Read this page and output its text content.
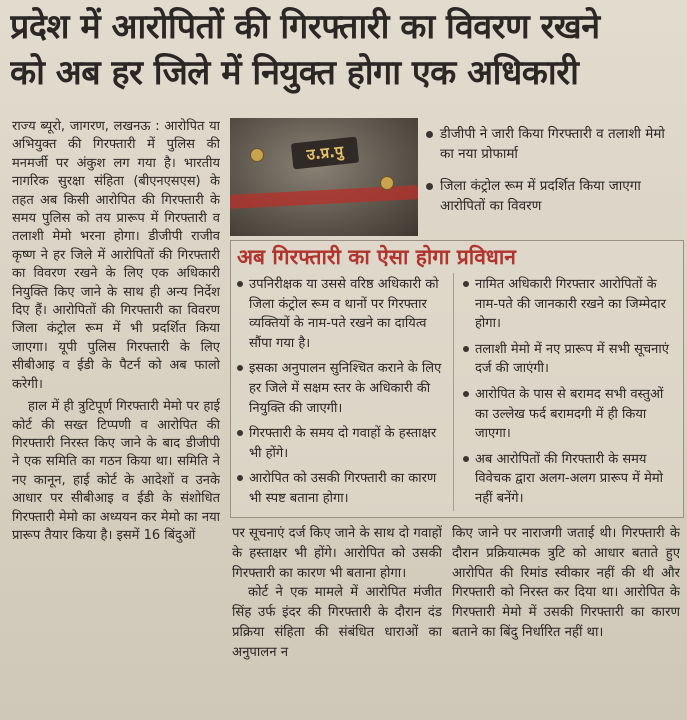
प्रदेश में आरोपितों की गिरफ्तारी का विवरण रखने
को अब हर जिले में नियुक्त होगा एक अधिकारी

राज्य ब्यूरो, जागरण, लखनऊ : आरोपित या अभियुक्त की गिरफ्तारी में पुलिस की मनमर्जी पर अंकुश लग गया है। भारतीय नागरिक सुरक्षा संहिता (बीएनएसएस) के तहत अब किसी आरोपित की गिरफ्तारी के समय पुलिस को तय प्रारूप में गिरफ्तारी व तलाशी मेमो भरना होगा। डीजीपी राजीव कृष्ण ने हर जिले में आरोपितों की गिरफ्तारी का विवरण रखने के लिए एक अधिकारी नियुक्ति किए जाने के साथ ही अन्य निर्देश दिए हैं। आरोपितों की गिरफ्तारी का विवरण जिला कंट्रोल रूम में भी प्रदर्शित किया जाएगा। यूपी पुलिस गिरफ्तारी के लिए सीबीआइ व ईडी के पैटर्न को अब फालो करेगी।

हाल में ही त्रुटिपूर्ण गिरफ्तारी मेमो पर हाई कोर्ट की सख्त टिप्पणी व आरोपित की गिरफ्तारी निरस्त किए जाने के बाद डीजीपी ने एक समिति का गठन किया था। समिति ने नए कानून, हाई कोर्ट के आदेशों व उनके आधार पर सीबीआइ व ईडी के संशोधित गिरफ्तारी मेमो का अध्ययन कर मेमो का नया प्रारूप तैयार किया है। इसमें 16 बिंदुओं

उ.प्र.पु
डीजीपी ने जारी किया गिरफ्तारी व तलाशी मेमो का नया प्रोफार्मा
जिला कंट्रोल रूम में प्रदर्शित किया जाएगा आरोपितों का विवरण
अब गिरफ्तारी का ऐसा होगा प्रविधान
उपनिरीक्षक या उससे वरिष्ठ अधिकारी को जिला कंट्रोल रूम व थानों पर गिरफ्तार व्यक्तियों के नाम-पते रखने का दायित्व सौंपा गया है।
इसका अनुपालन सुनिश्चित कराने के लिए हर जिले में सक्षम स्तर के अधिकारी की नियुक्ति की जाएगी।
गिरफ्तारी के समय दो गवाहों के हस्ताक्षर भी होंगे।
आरोपित को उसकी गिरफ्तारी का कारण भी स्पष्ट बताना होगा।
नामित अधिकारी गिरफ्तार आरोपितों के नाम-पते की जानकारी रखने का जिम्मेदार होगा।
तलाशी मेमो में नए प्रारूप में सभी सूचनाएं दर्ज की जाएंगी।
आरोपित के पास से बरामद सभी वस्तुओं का उल्लेख फर्द बरामदगी में ही किया जाएगा।
अब आरोपितों की गिरफ्तारी के समय विवेचक द्वारा अलग-अलग प्रारूप में मेमो नहीं बनेंगे।

पर सूचनाएं दर्ज किए जाने के साथ दो गवाहों के हस्ताक्षर भी होंगे। आरोपित को उसकी गिरफ्तारी का कारण भी बताना होगा।

कोर्ट ने एक मामले में आरोपित मंजीत सिंह उर्फ इंदर की गिरफ्तारी के दौरान दंड प्रक्रिया संहिता की संबंधित धाराओं का अनुपालन न

किए जाने पर नाराजगी जताई थी। गिरफ्तारी के दौरान प्रक्रियात्मक त्रुटि को आधार बताते हुए आरोपित की रिमांड स्वीकार नहीं की थी और गिरफ्तारी को निरस्त कर दिया था। आरोपित के गिरफ्तारी मेमो में उसकी गिरफ्तारी का कारण बताने का बिंदु निर्धारित नहीं था।
